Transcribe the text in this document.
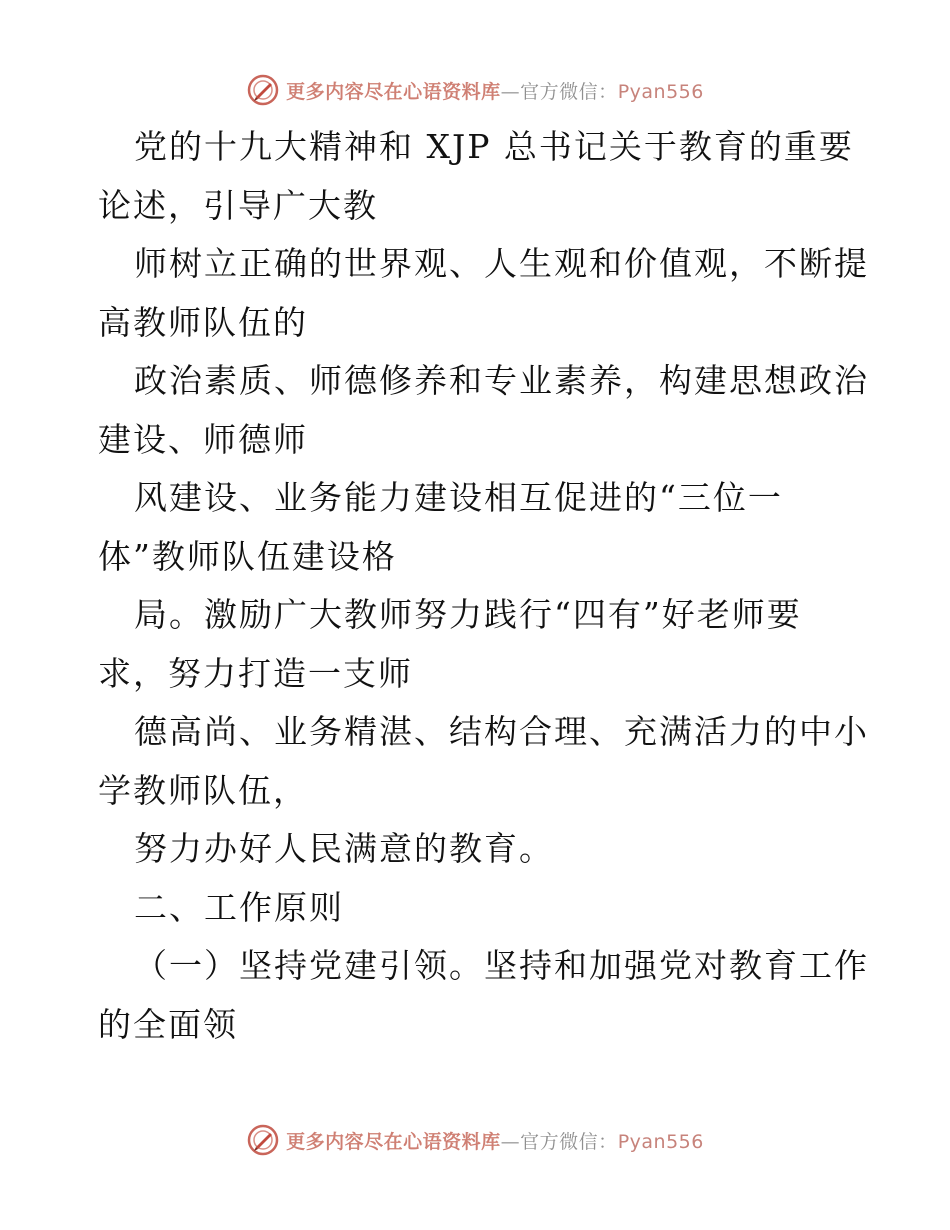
更多内容尽在心语资料库—官方微信：Pyan556
党的十九大精神和 XJP 总书记关于教育的重要
论述，引导广大教
师树立正确的世界观、人生观和价值观，不断提
高教师队伍的
政治素质、师德修养和专业素养，构建思想政治
建设、师德师
风建设、业务能力建设相互促进的“三位一
体”教师队伍建设格
局。激励广大教师努力践行“四有”好老师要
求，努力打造一支师
德高尚、业务精湛、结构合理、充满活力的中小
学教师队伍，
努力办好人民满意的教育。
二、工作原则
（一）坚持党建引领。坚持和加强党对教育工作
的全面领
更多内容尽在心语资料库—官方微信：Pyan556
